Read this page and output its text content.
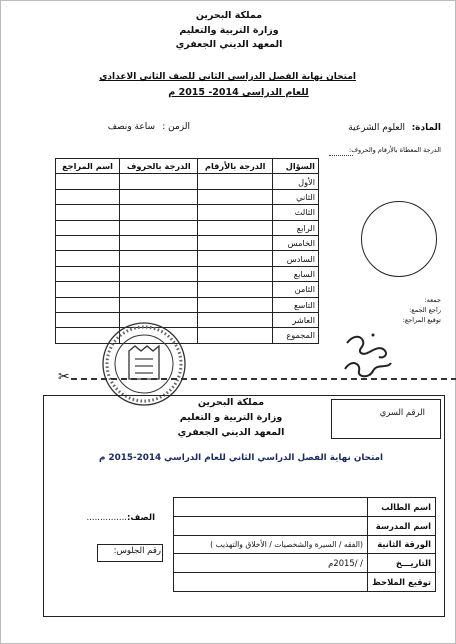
مملكة البحرين
وزارة التربية والتعليم
المعهد الديني الجعفري
امتحان نهاية الفصل الدراسي الثاني للصف الثاني الاعدادي
للعام الدراسي 2014- 2015 م
المادة:
العلوم الشرعية
الزمن :
ساعة ونصف
الدرجة المعطاة بالأرقام والحروف:
السؤال	الدرجة بالأرقام	الدرجة بالحروف	اسم المراجع
الأول			
الثاني			
الثالث			
الرابع			
الخامس			
السادس			
السابع			
الثامن			
التاسع			
العاشر			
المجموع			
جمعه:
راجع الجمع:
توقيع المراجع:
✂
الرقم السري
مملكة البحرين
وزارة التربية و التعليم
المعهد الديني الجعفري
امتحان نهاية الفصل الدراسي الثاني للعام الدراسي 2014-2015 م
الصف:
...............
رقم الجلوس:
اسم الطالب	
اسم المدرسة	
الورقة الثانية	(الفقه / السيرة والشخصيات / الأخلاق والتهذيب )
التاريـــخ	/ /2015م
توقيع الملاحظ	
